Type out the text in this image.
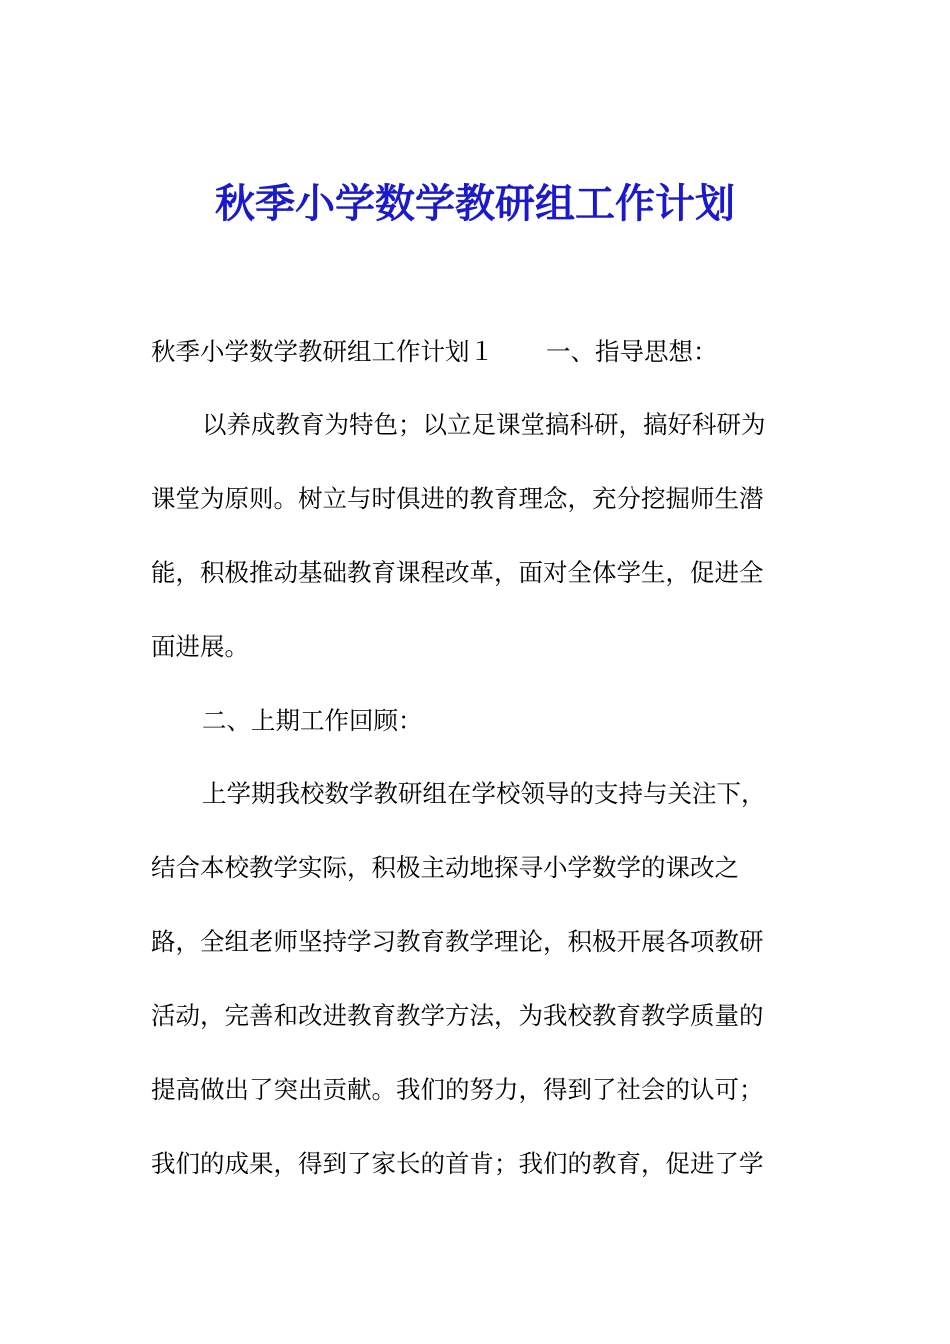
秋季小学数学教研组工作计划
秋季小学数学教研组工作计划１ 一、指导思想：
以养成教育为特色；以立足课堂搞科研，搞好科研为
课堂为原则。树立与时俱进的教育理念，充分挖掘师生潜
能，积极推动基础教育课程改革，面对全体学生，促进全
面进展。
二、上期工作回顾：
上学期我校数学教研组在学校领导的支持与关注下，
结合本校教学实际，积极主动地探寻小学数学的课改之
路，全组老师坚持学习教育教学理论，积极开展各项教研
活动，完善和改进教育教学方法，为我校教育教学质量的
提高做出了突出贡献。我们的努力，得到了社会的认可；
我们的成果，得到了家长的首肯；我们的教育，促进了学
